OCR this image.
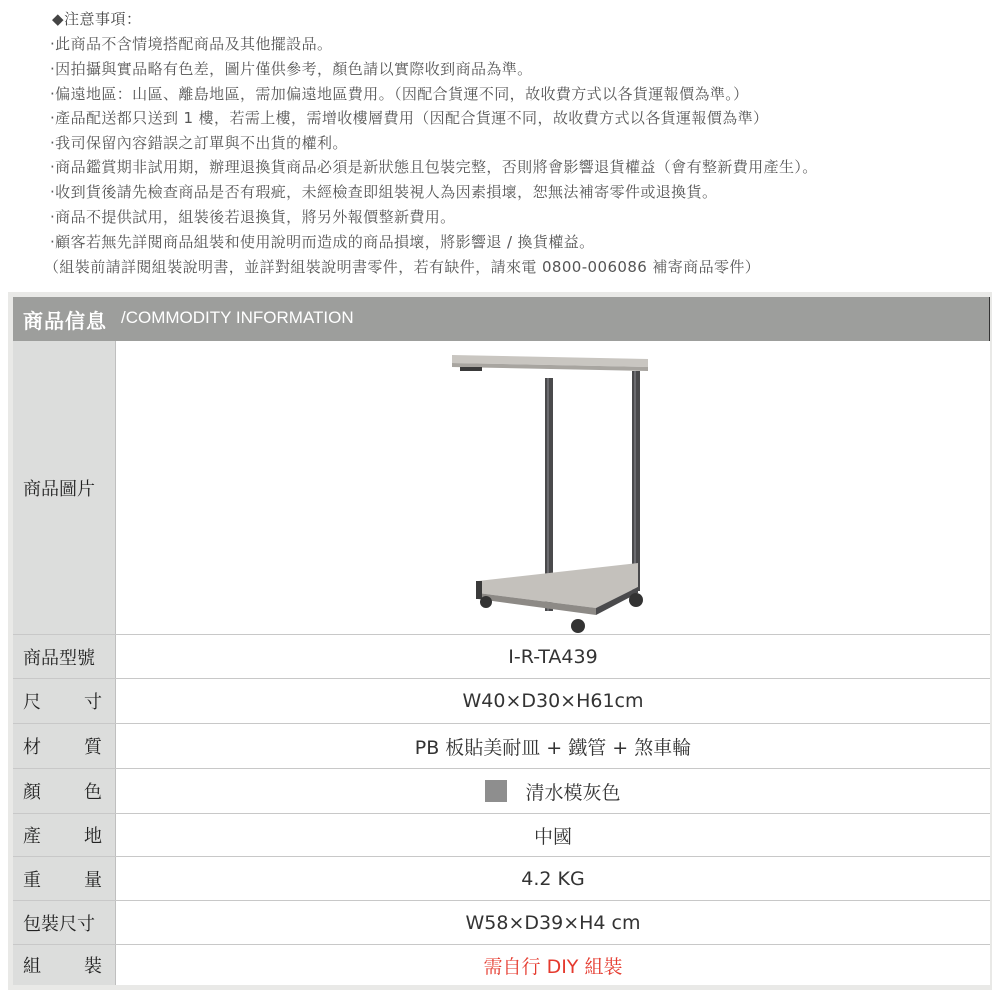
◆注意事項：
‧此商品不含情境搭配商品及其他擺設品。
‧因拍攝與實品略有色差，圖片僅供參考，顏色請以實際收到商品為準。
‧偏遠地區：山區、離島地區，需加偏遠地區費用。（因配合貨運不同，故收費方式以各貨運報價為準。）
‧產品配送都只送到 1 樓，若需上樓，需增收樓層費用（因配合貨運不同，故收費方式以各貨運報價為準）
‧我司保留內容錯誤之訂單與不出貨的權利。
‧商品鑑賞期非試用期，辦理退換貨商品必須是新狀態且包裝完整，否則將會影響退貨權益（會有整新費用產生）。
‧收到貨後請先檢查商品是否有瑕疵，未經檢查即組裝視人為因素損壞，恕無法補寄零件或退換貨。
‧商品不提供試用，組裝後若退換貨，將另外報價整新費用。
‧顧客若無先詳閱商品組裝和使用說明而造成的商品損壞，將影響退 / 換貨權益。
（組裝前請詳閱組裝說明書，並詳對組裝說明書零件，若有缺件，請來電 0800-006086 補寄商品零件）
商品信息 /COMMODITY INFORMATION
商品圖片
商品型號	I-R-TA439
尺 寸	W40×D30×H61cm
材 質	PB 板貼美耐皿 + 鐵管 + 煞車輪
顏 色	清水模灰色
產 地	中國
重 量	4.2 KG
包裝尺寸	W58×D39×H4 cm
組 裝	需自行 DIY 組裝
